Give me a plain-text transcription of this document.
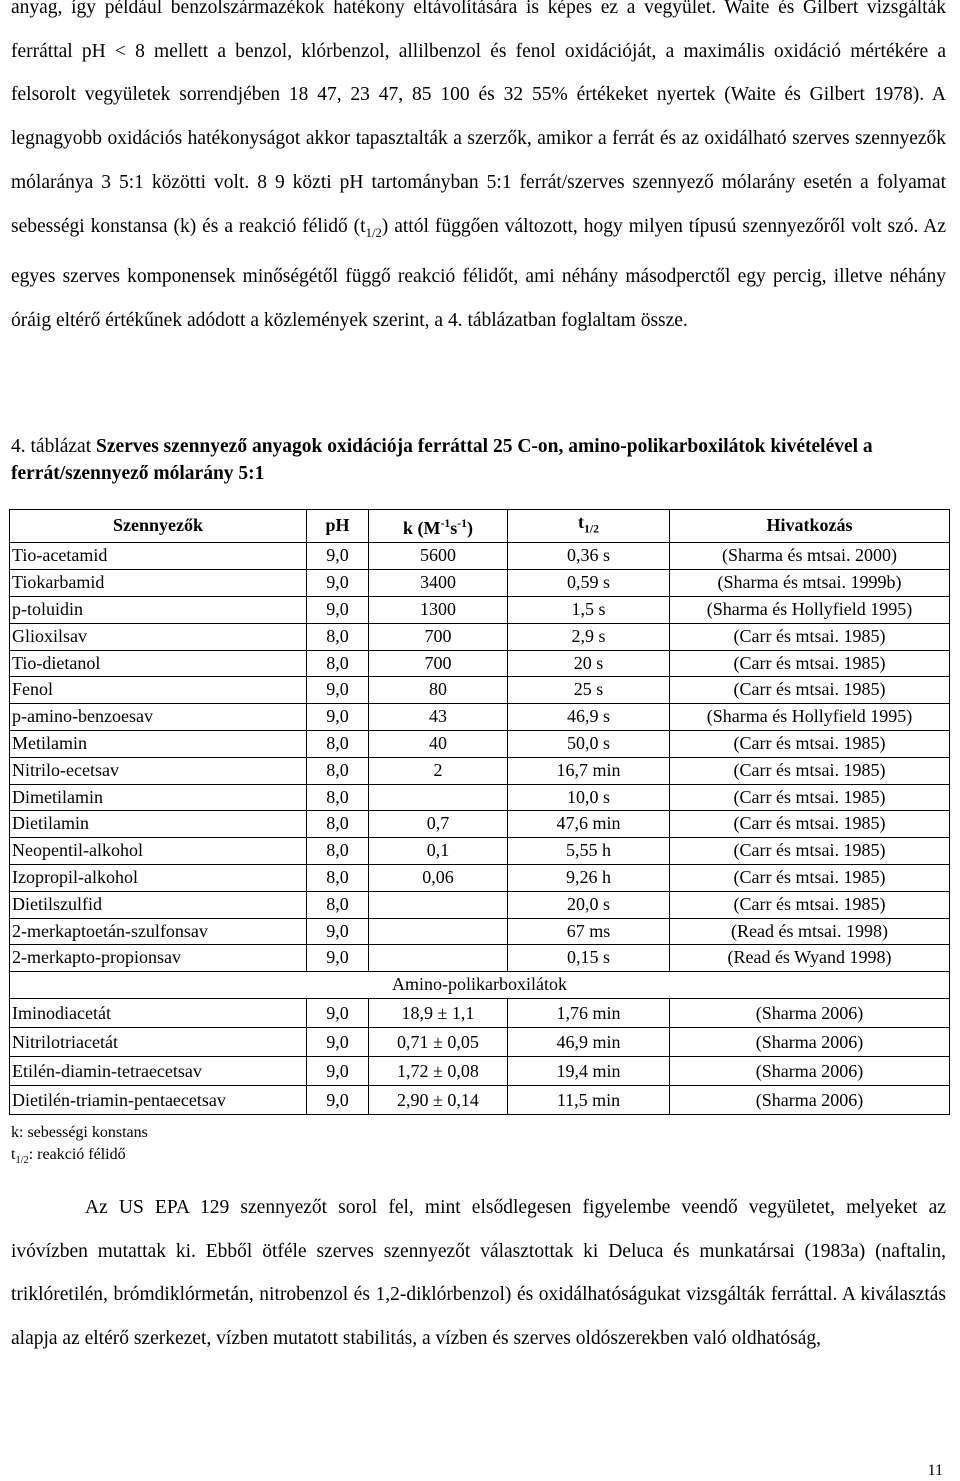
anyag, így például benzolszármazékok hatékony eltávolítására is képes ez a vegyület. Waite és Gilbert vizsgálták ferráttal pH < 8 mellett a benzol, klórbenzol, allilbenzol és fenol oxidációját, a maximális oxidáció mértékére a felsorolt vegyületek sorrendjében 18 47, 23 47, 85 100 és 32 55% értékeket nyertek (Waite és Gilbert 1978). A legnagyobb oxidációs hatékonyságot akkor tapasztalták a szerzők, amikor a ferrát és az oxidálható szerves szennyezők mólaránya 3 5:1 közötti volt. 8 9 közti pH tartományban 5:1 ferrát/szerves szennyező mólarány esetén a folyamat sebességi konstansa (k) és a reakció félidő $(t_{1/2})$ attól függően változott, hogy milyen típusú szennyezőről volt szó. Az egyes szerves komponensek minőségétől függő reakció félidőt, ami néhány másodperctől egy percig, illetve néhány óráig eltérő értékűnek adódott a közlemények szerint, a 4. táblázatban foglaltam össze.

4. táblázat Szerves szennyező anyagok oxidációja ferráttal 25 C-on, amino-polikarboxilátok kivételével a ferrát/szennyező mólarány 5:1

Szennyezők	pH	k $(M^{-1}s^{-1})$	$t_{1/2}$	Hivatkozás
Tio-acetamid	9,0	5600	0,36 s	(Sharma és mtsai. 2000)
Tiokarbamid	9,0	3400	0,59 s	(Sharma és mtsai. 1999b)
p-toluidin	9,0	1300	1,5 s	(Sharma és Hollyfield 1995)
Glioxilsav	8,0	700	2,9 s	(Carr és mtsai. 1985)
Tio-dietanol	8,0	700	20 s	(Carr és mtsai. 1985)
Fenol	9,0	80	25 s	(Carr és mtsai. 1985)
p-amino-benzoesav	9,0	43	46,9 s	(Sharma és Hollyfield 1995)
Metilamin	8,0	40	50,0 s	(Carr és mtsai. 1985)
Nitrilo-ecetsav	8,0	2	16,7 min	(Carr és mtsai. 1985)
Dimetilamin	8,0		10,0 s	(Carr és mtsai. 1985)
Dietilamin	8,0	0,7	47,6 min	(Carr és mtsai. 1985)
Neopentil-alkohol	8,0	0,1	5,55 h	(Carr és mtsai. 1985)
Izopropil-alkohol	8,0	0,06	9,26 h	(Carr és mtsai. 1985)
Dietilszulfid	8,0		20,0 s	(Carr és mtsai. 1985)
2-merkaptoetán-szulfonsav	9,0		67 ms	(Read és mtsai. 1998)
2-merkapto-propionsav	9,0		0,15 s	(Read és Wyand 1998)
Amino-polikarboxilátok				
Iminodiacetát	9,0	18,9 ± 1,1	1,76 min	(Sharma 2006)
Nitrilotriacetát	9,0	0,71 ± 0,05	46,9 min	(Sharma 2006)
Etilén-diamin-tetraecetsav	9,0	1,72 ± 0,08	19,4 min	(Sharma 2006)
Dietilén-triamin-pentaecetsav	9,0	2,90 ± 0,14	11,5 min	(Sharma 2006)
k: sebességi konstans
$t_{1/2}$: reakció félidő

Az US EPA 129 szennyezőt sorol fel, mint elsődlegesen figyelembe veendő vegyületet, melyeket az ivóvízben mutattak ki. Ebből ötféle szerves szennyezőt választottak ki Deluca és munkatársai (1983a) (naftalin, triklóretilén, brómdiklórmetán, nitrobenzol és 1,2-diklórbenzol) és oxidálhatóságukat vizsgálták ferráttal. A kiválasztás alapja az eltérő szerkezet, vízben mutatott stabilitás, a vízben és szerves oldószerekben való oldhatóság,

11
